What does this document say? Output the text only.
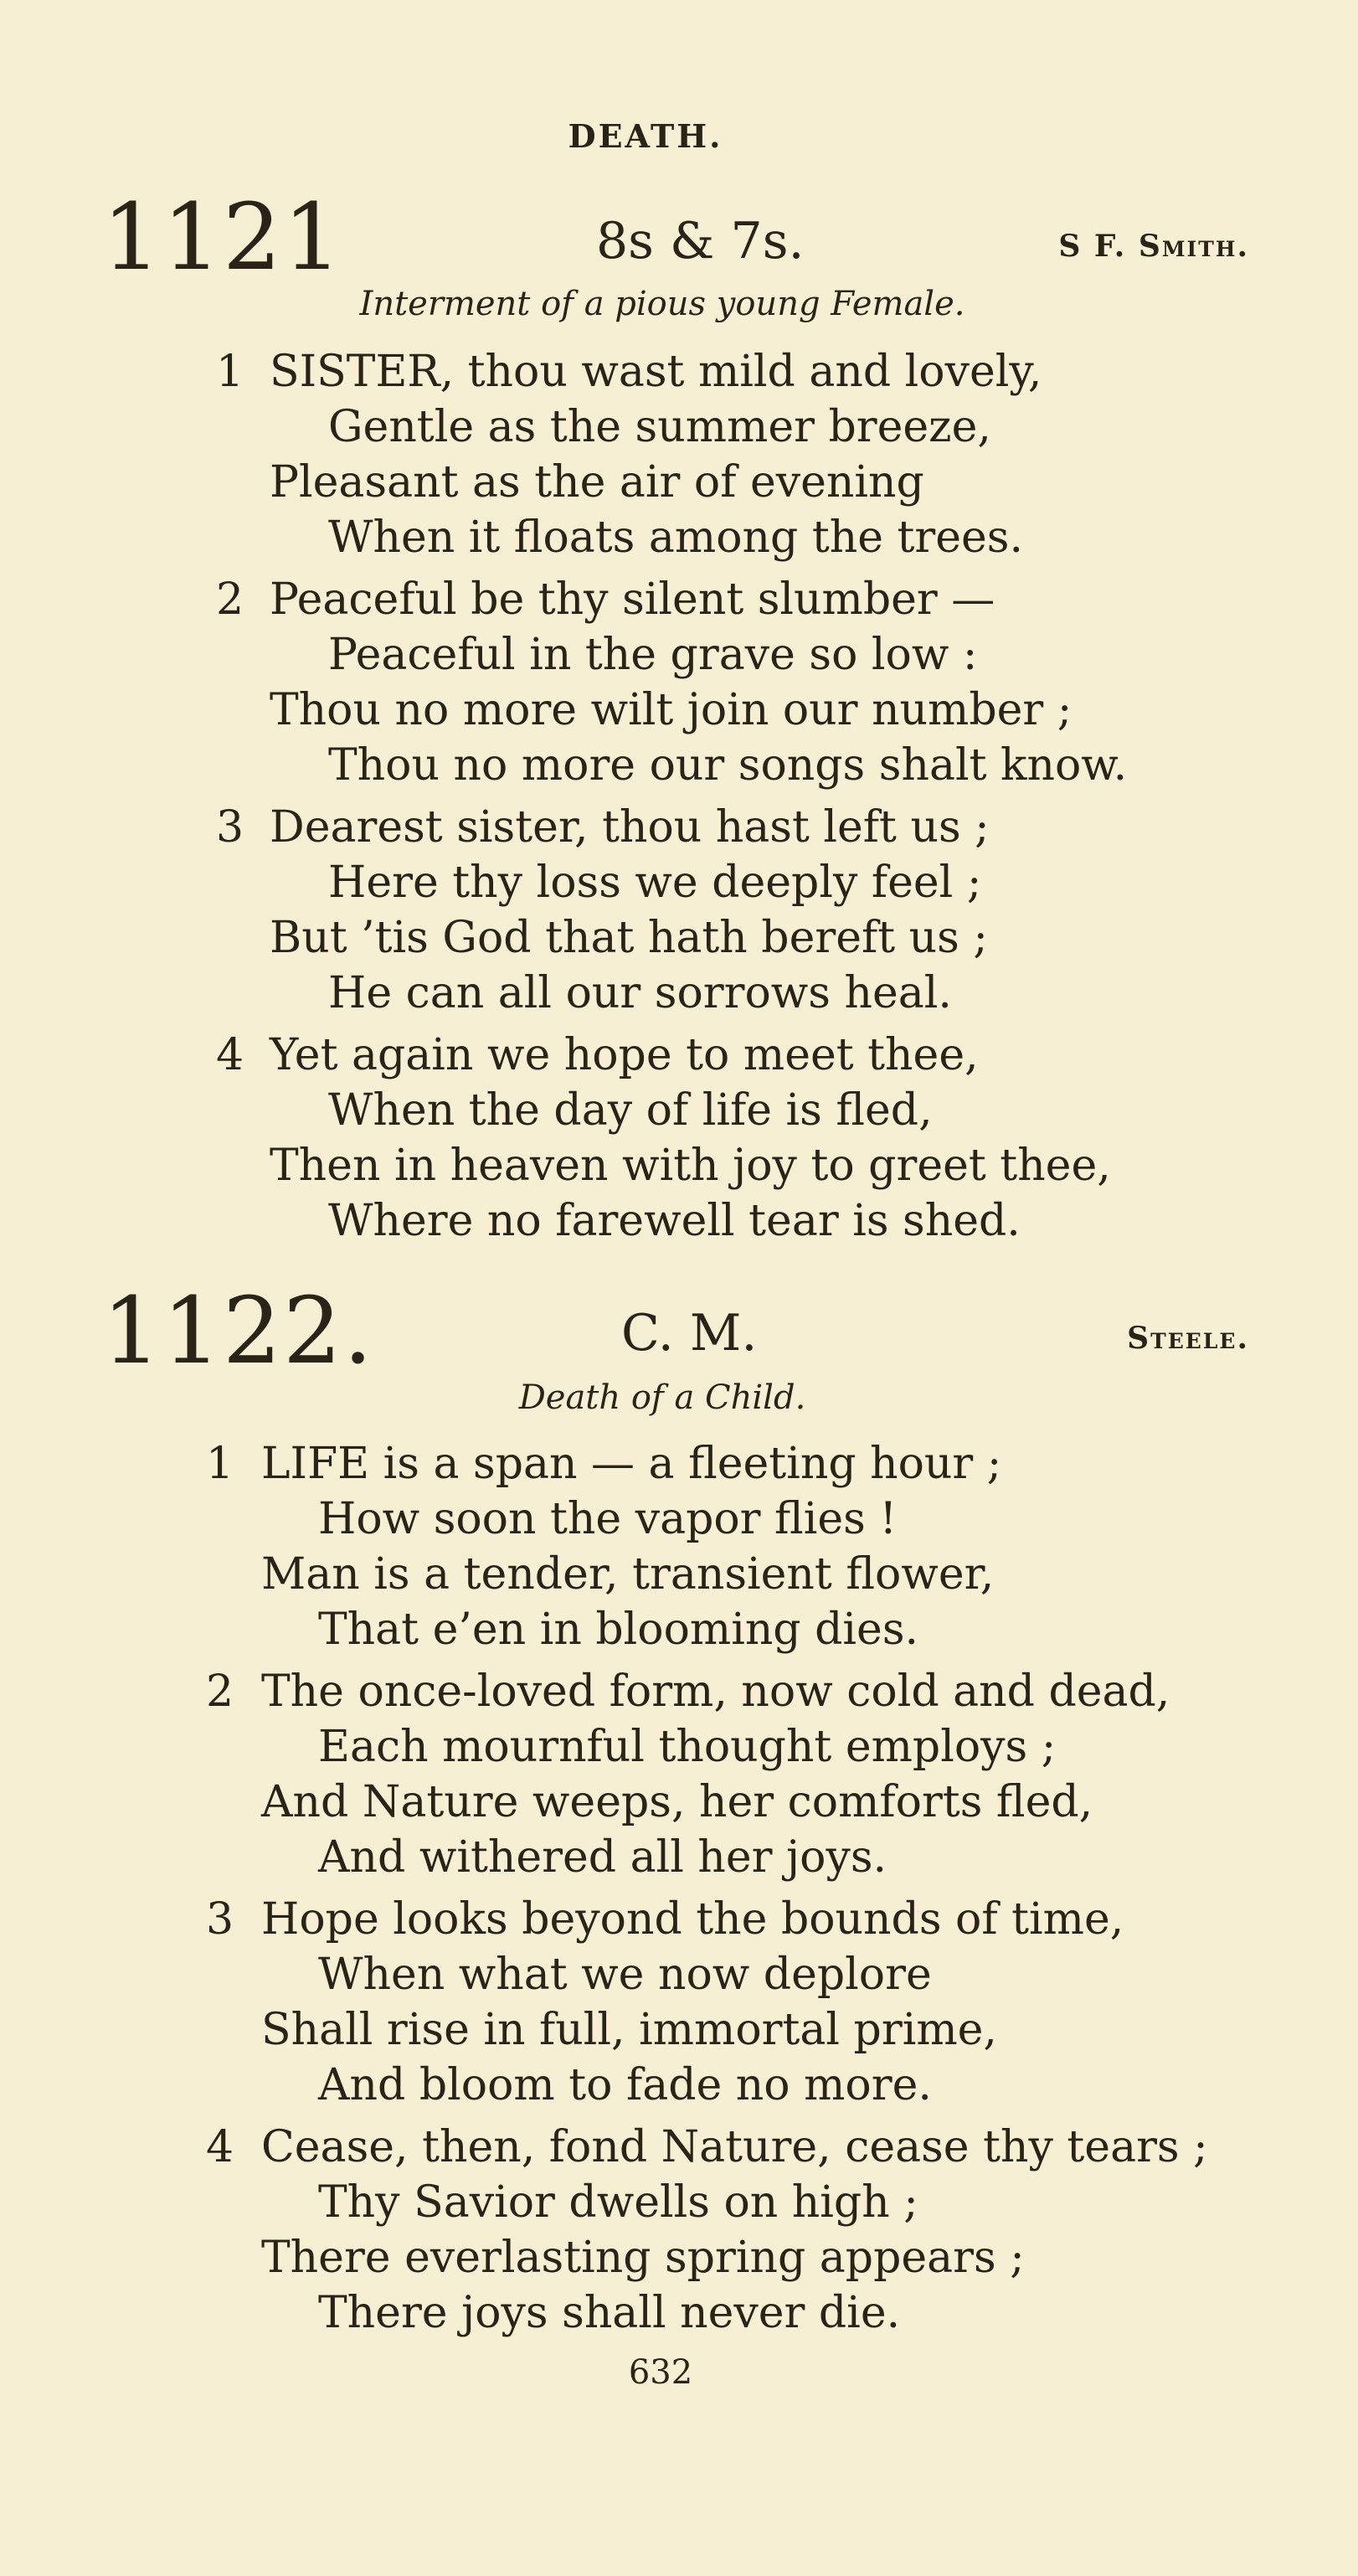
DEATH.
1121	8s & 7s.	S F. Smith.
Interment of a pious young Female.
1 SISTER, thou wast mild and lovely,
Gentle as the summer breeze,
Pleasant as the air of evening
When it floats among the trees.
2 Peaceful be thy silent slumber —
Peaceful in the grave so low :
Thou no more wilt join our number ;
Thou no more our songs shalt know.
3 Dearest sister, thou hast left us ;
Here thy loss we deeply feel ;
But ’tis God that hath bereft us ;
He can all our sorrows heal.
4 Yet again we hope to meet thee,
When the day of life is fled,
Then in heaven with joy to greet thee,
Where no farewell tear is shed.
1122.	C. M.	Steele.
Death of a Child.
1 LIFE is a span — a fleeting hour ;
How soon the vapor flies !
Man is a tender, transient flower,
That e’en in blooming dies.
2 The once-loved form, now cold and dead,
Each mournful thought employs ;
And Nature weeps, her comforts fled,
And withered all her joys.
3 Hope looks beyond the bounds of time,
When what we now deplore
Shall rise in full, immortal prime,
And bloom to fade no more.
4 Cease, then, fond Nature, cease thy tears ;
Thy Savior dwells on high ;
There everlasting spring appears ;
There joys shall never die.
632
